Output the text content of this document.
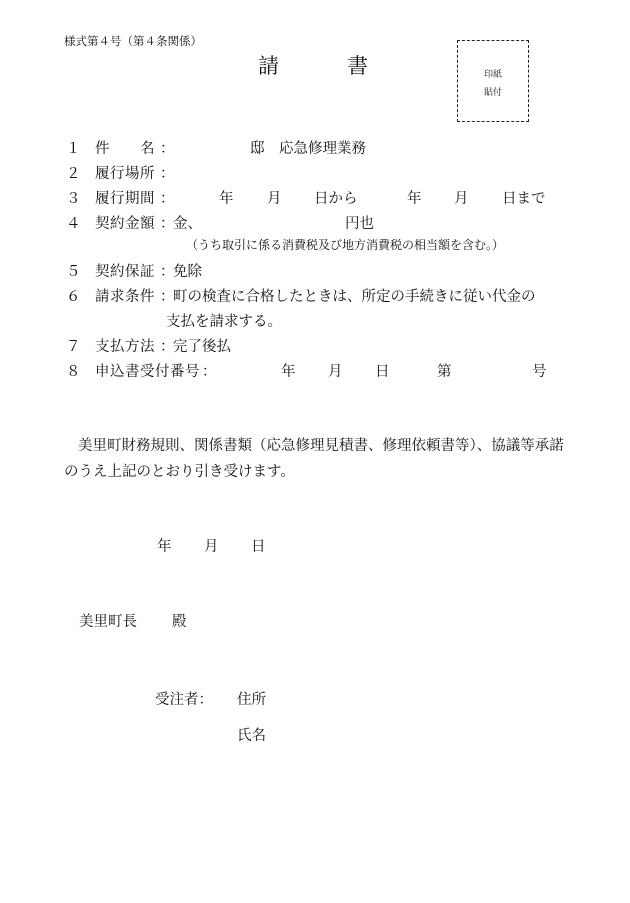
様式第４号（第４条関係）
請書	印紙
貼付
１ 件　　名 ：	邸　応急修理業務
２ 履行場所 ：
３ 履行期間 ：	年 月 日から	年 月 日まで
４ 契約金額 ：
金、	円也
（うち取引に係る消費税及び地方消費税の相当額を含む。）
５ 契約保証 ：
免除
６ 請求条件 ：
町の検査に合格したときは、所定の手続きに従い代金の
支払を請求する。
７ 支払方法 ：
完了後払
８ 申込書受付番号 ：	年 月 日	第	号
美里町財務規則、関係書類（応急修理見積書、修理依頼書等）、協議等承諾のうえ上記のとおり引き受けます。
年 月 日
美里町長 殿
受注者： 住所
氏名
